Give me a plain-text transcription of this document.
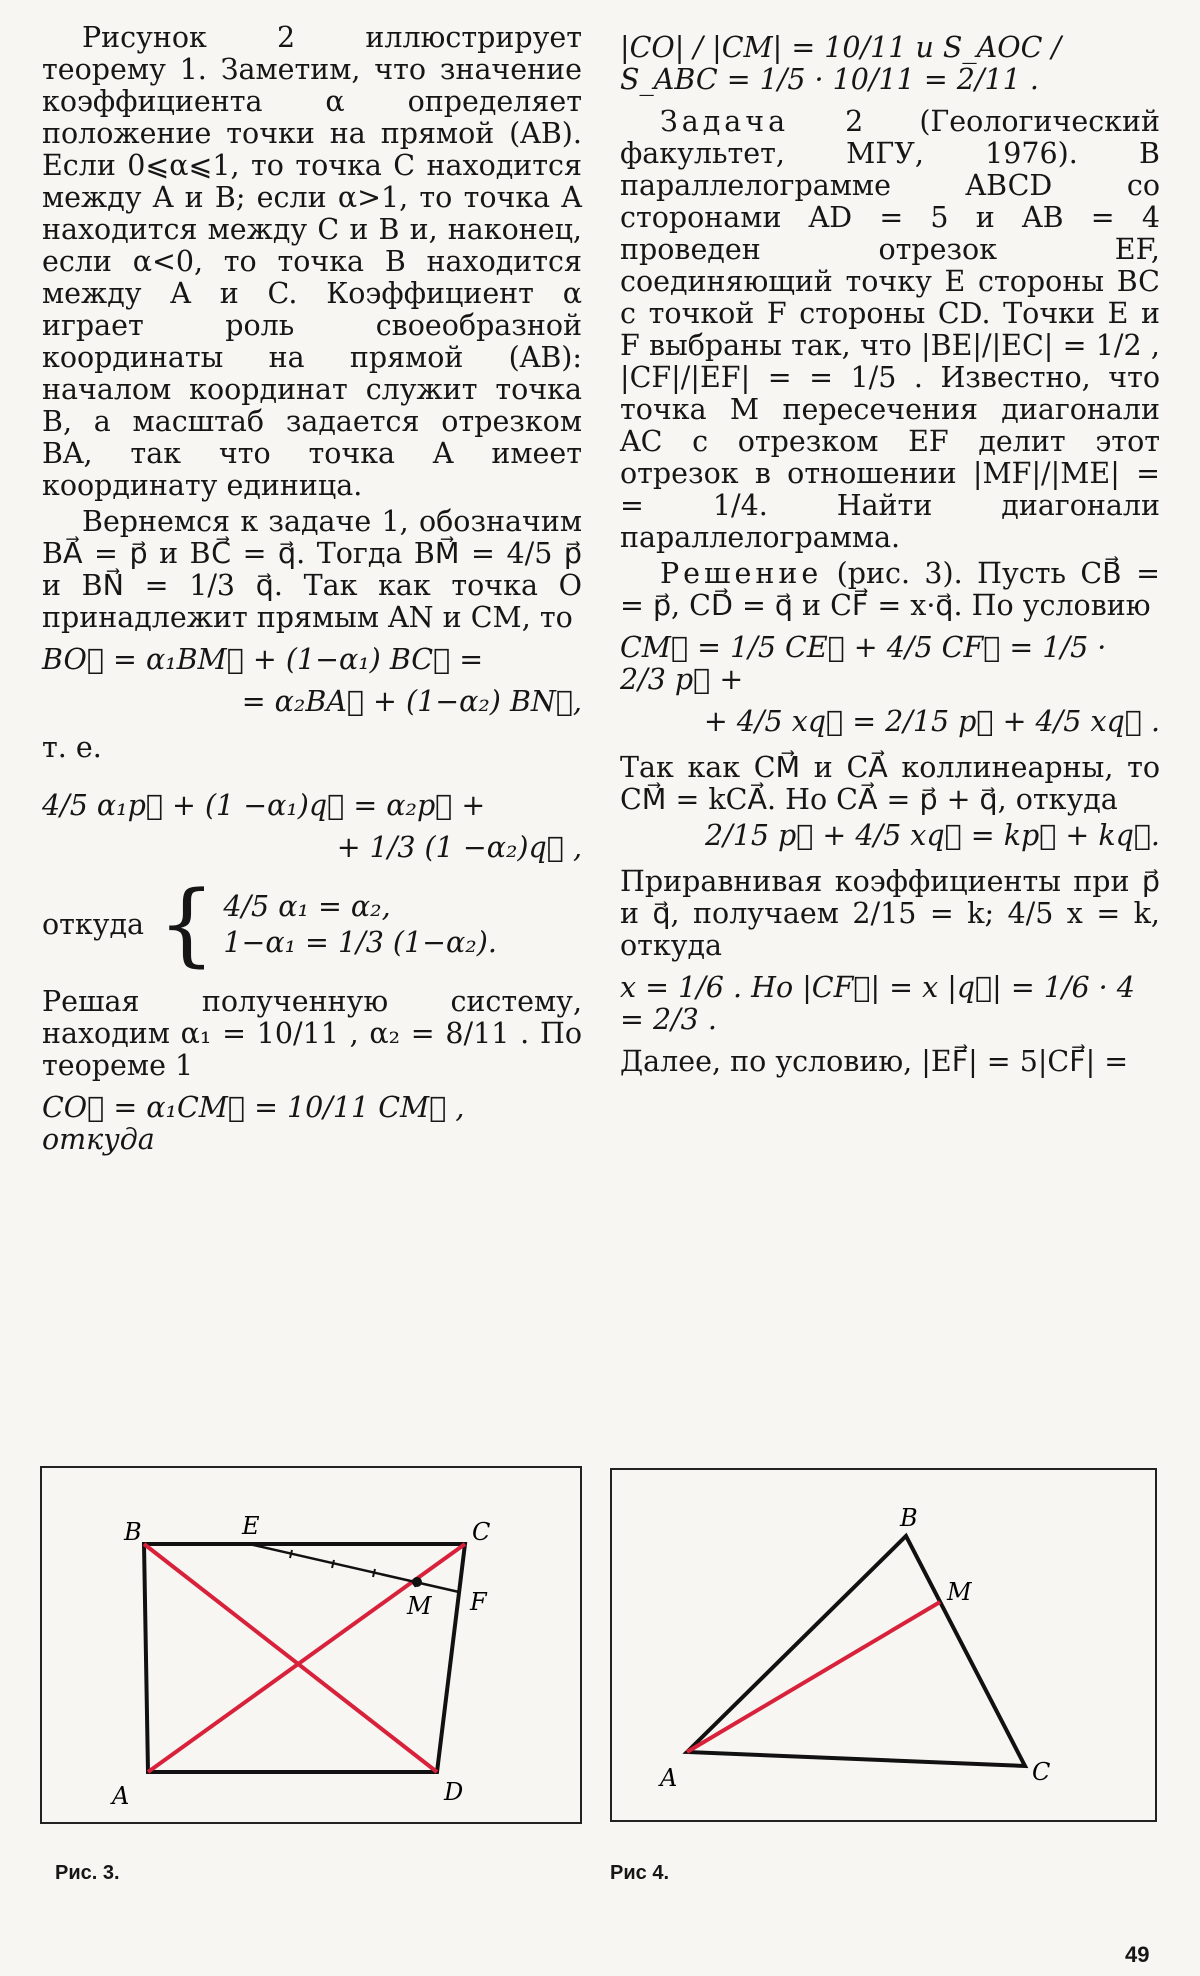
Рисунок 2 иллюстрирует теорему 1. Заметим, что значение коэффициента α определяет положение точки на прямой (AB). Если 0⩽α⩽1, то точка C находится между A и B; если α>1, то точка A находится между C и B и, наконец, если α<0, то точка B находится между A и C. Коэффициент α играет роль своеобразной координаты на прямой (AB): началом координат служит точка B, а масштаб задается отрезком BA, так что точка A имеет координату единица.

Вернемся к задаче 1, обозначим BA⃗ = p⃗ и BC⃗ = q⃗. Тогда BM⃗ = 4/5 p⃗ и BN⃗ = 1/3 q⃗. Так как точка O принадлежит прямым AN и CM, то

BO⃗ = α₁BM⃗ + (1−α₁) BC⃗ =
= α₂BA⃗ + (1−α₂) BN⃗,

т. е.

4/5 α₁p⃗ + (1 −α₁)q⃗ = α₂p⃗ +
+ 1/3 (1 −α₂)q⃗ ,
откуда { 4/5 α₁ = α₂,
1−α₁ = 1/3 (1−α₂).

Решая полученную систему, находим α₁ = 10/11 , α₂ = 8/11 . По теореме 1

CO⃗ = α₁CM⃗ = 10/11 CM⃗ , откуда
|CO| / |CM| = 10/11 и S_AOC / S_ABC = 1/5 · 10/11 = 2/11 .

Задача 2 (Геологический факультет, МГУ, 1976). В параллелограмме ABCD со сторонами AD = 5 и AB = 4 проведен отрезок EF, соединяющий точку E стороны BC с точкой F стороны CD. Точки E и F выбраны так, что |BE|/|EC| = 1/2 , |CF|/|EF| = = 1/5 . Известно, что точка M пересечения диагонали AC с отрезком EF делит этот отрезок в отношении |MF|/|ME| = = 1/4. Найти диагонали параллелограмма.

Решение (рис. 3). Пусть CB⃗ = = p⃗, CD⃗ = q⃗ и CF⃗ = x·q⃗. По условию

CM⃗ = 1/5 CE⃗ + 4/5 CF⃗ = 1/5 · 2/3 p⃗ +
+ 4/5 xq⃗ = 2/15 p⃗ + 4/5 xq⃗ .

Так как CM⃗ и CA⃗ коллинеарны, то CM⃗ = kCA⃗. Но CA⃗ = p⃗ + q⃗, откуда

2/15 p⃗ + 4/5 xq⃗ = kp⃗ + kq⃗.

Приравнивая коэффициенты при p⃗ и q⃗, получаем 2/15 = k; 4/5 x = k, откуда

x = 1/6 . Но |CF⃗| = x |q⃗| = 1/6 · 4 = 2/3 .

Далее, по условию, |EF⃗| = 5|CF⃗| =

B	C
E
F
M
A	D
Рис. 3.
B
M
A	C
Рис 4.
49
